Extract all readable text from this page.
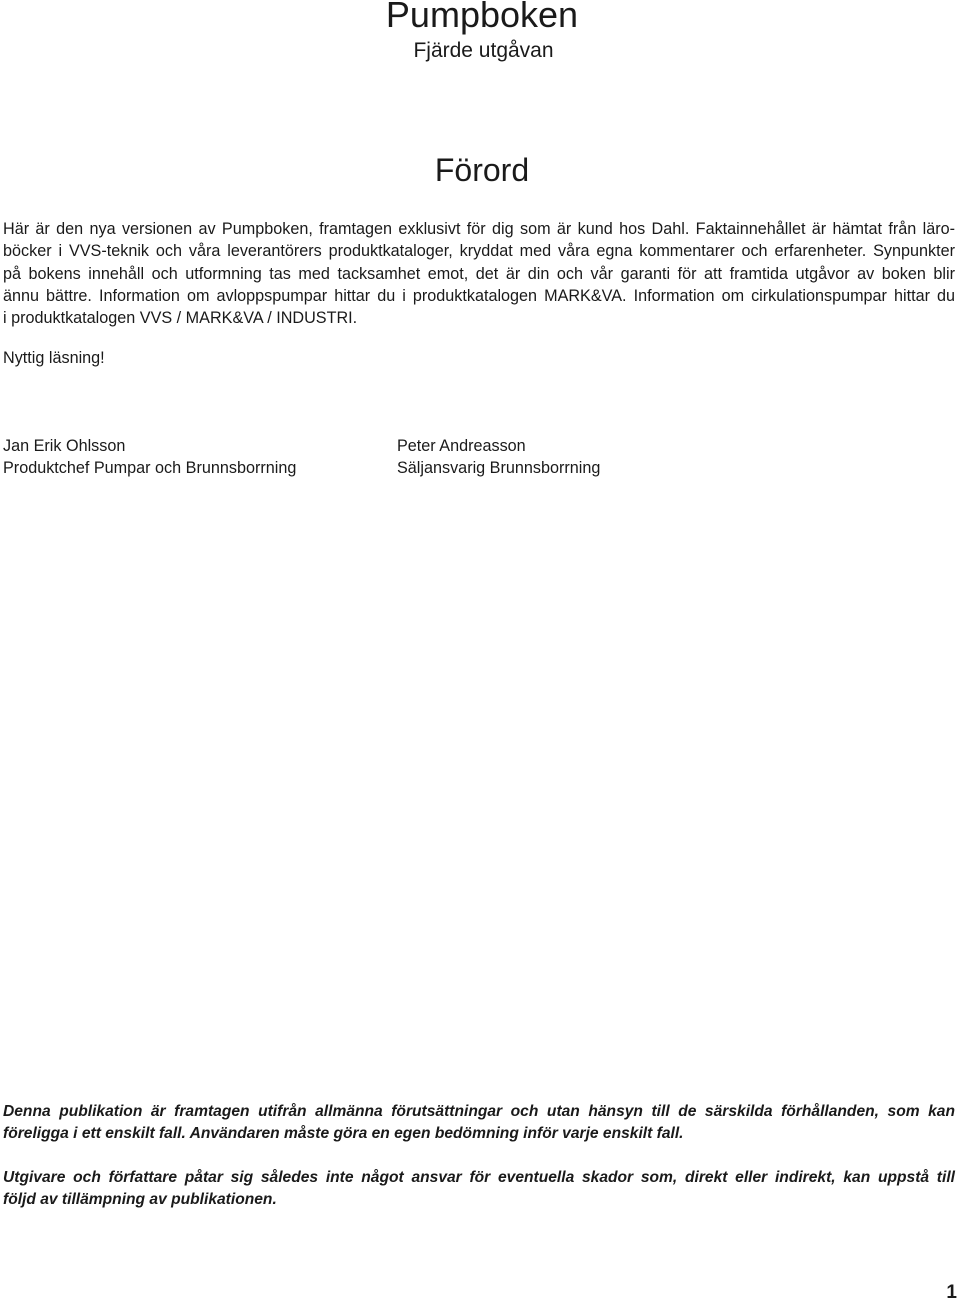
Pumpboken
Fjärde utgåvan
Förord
Här är den nya versionen av Pumpboken, framtagen exklusivt för dig som är kund hos Dahl. Faktainnehållet är hämtat från läro-
böcker i VVS-teknik och våra leverantörers produktkataloger, kryddat med våra egna kommentarer och erfarenheter. Synpunkter
på bokens innehåll och utformning tas med tacksamhet emot, det är din och vår garanti för att framtida utgåvor av boken blir
ännu bättre. Information om avloppspumpar hittar du i produktkatalogen MARK&VA. Information om cirkulationspumpar hittar du
i produktkatalogen VVS / MARK&VA / INDUSTRI.

Nyttig läsning!

Jan Erik Ohlsson

Produktchef Pumpar och Brunnsborrning

Peter Andreasson

Säljansvarig Brunnsborrning

Denna publikation är framtagen utifrån allmänna förutsättningar och utan hänsyn till de särskilda förhållanden, som kan
föreligga i ett enskilt fall. Användaren måste göra en egen bedömning inför varje enskilt fall.
Utgivare och författare påtar sig således inte något ansvar för eventuella skador som, direkt eller indirekt, kan uppstå till
följd av tillämpning av publikationen.
1
